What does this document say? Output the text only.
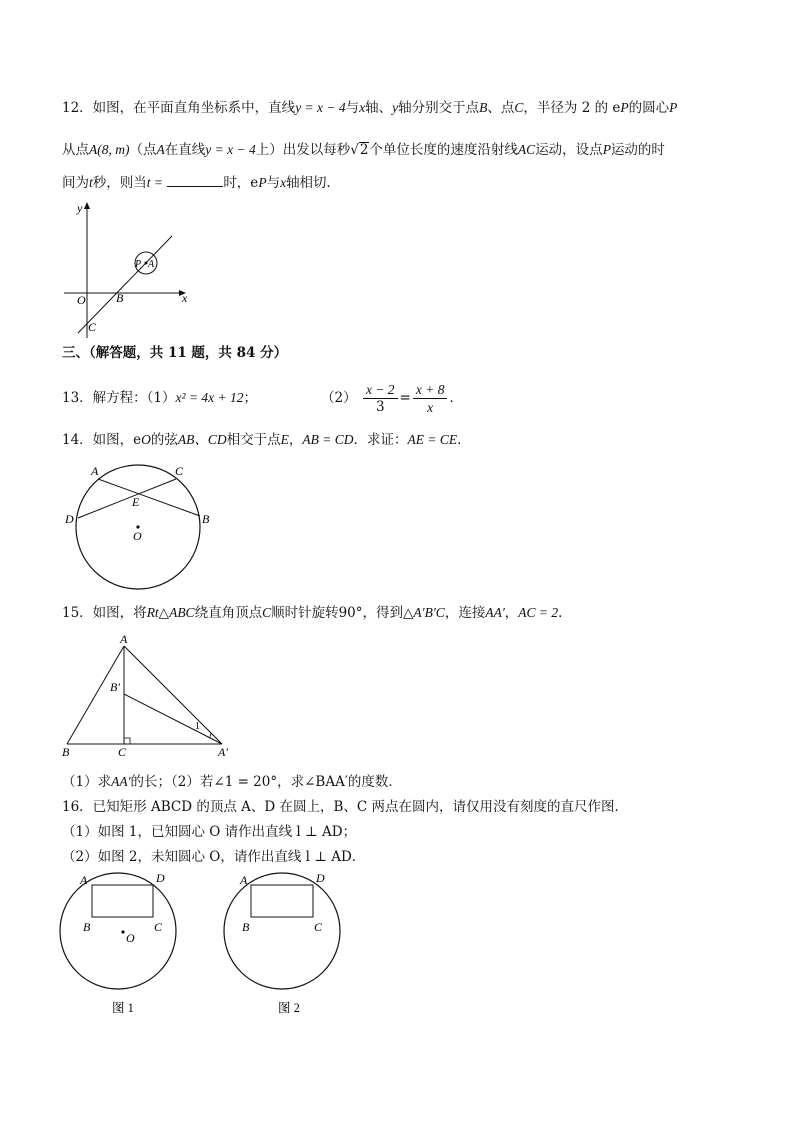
12．如图，在平面直角坐标系中，直线y = x − 4与x轴、y轴分别交于点B、点C，半径为 2 的 eP的圆心P
从点A(8, m)（点A在直线y = x − 4上）出发以每秒√2个单位长度的速度沿射线AC运动，设点P运动的时
间为t秒，则当t =	时，eP与x轴相切．
y
x
O	B
C
P A
三、（解答题，共 11 题，共 84 分）
13．解方程：（1）x² = 4x + 12；	$(2) \frac{x - 2}{3} = \frac{x + 8}{x}$ ．
14．如图，eO的弦AB、CD相交于点E，AB = CD．求证：AE = CE．
A	C
E
D	B
O
15．如图，将Rt△ABC绕直角顶点C顺时针旋转90°，得到△A′B′C，连接AA′，AC = 2．
A
B′
B	C	A′
1
（1）求AA′的长；（2）若∠1 = 20°，求∠BAA′的度数．
16．已知矩形 ABCD 的顶点 A、D 在圆上，B、C 两点在圆内，请仅用没有刻度的直尺作图．
（1）如图 1，已知圆心 O 请作出直线 l ⊥ AD；
（2）如图 2，未知圆心 O，请作出直线 l ⊥ AD．
A	D
B	C
O
图 1
A	D
B	C
图 2
